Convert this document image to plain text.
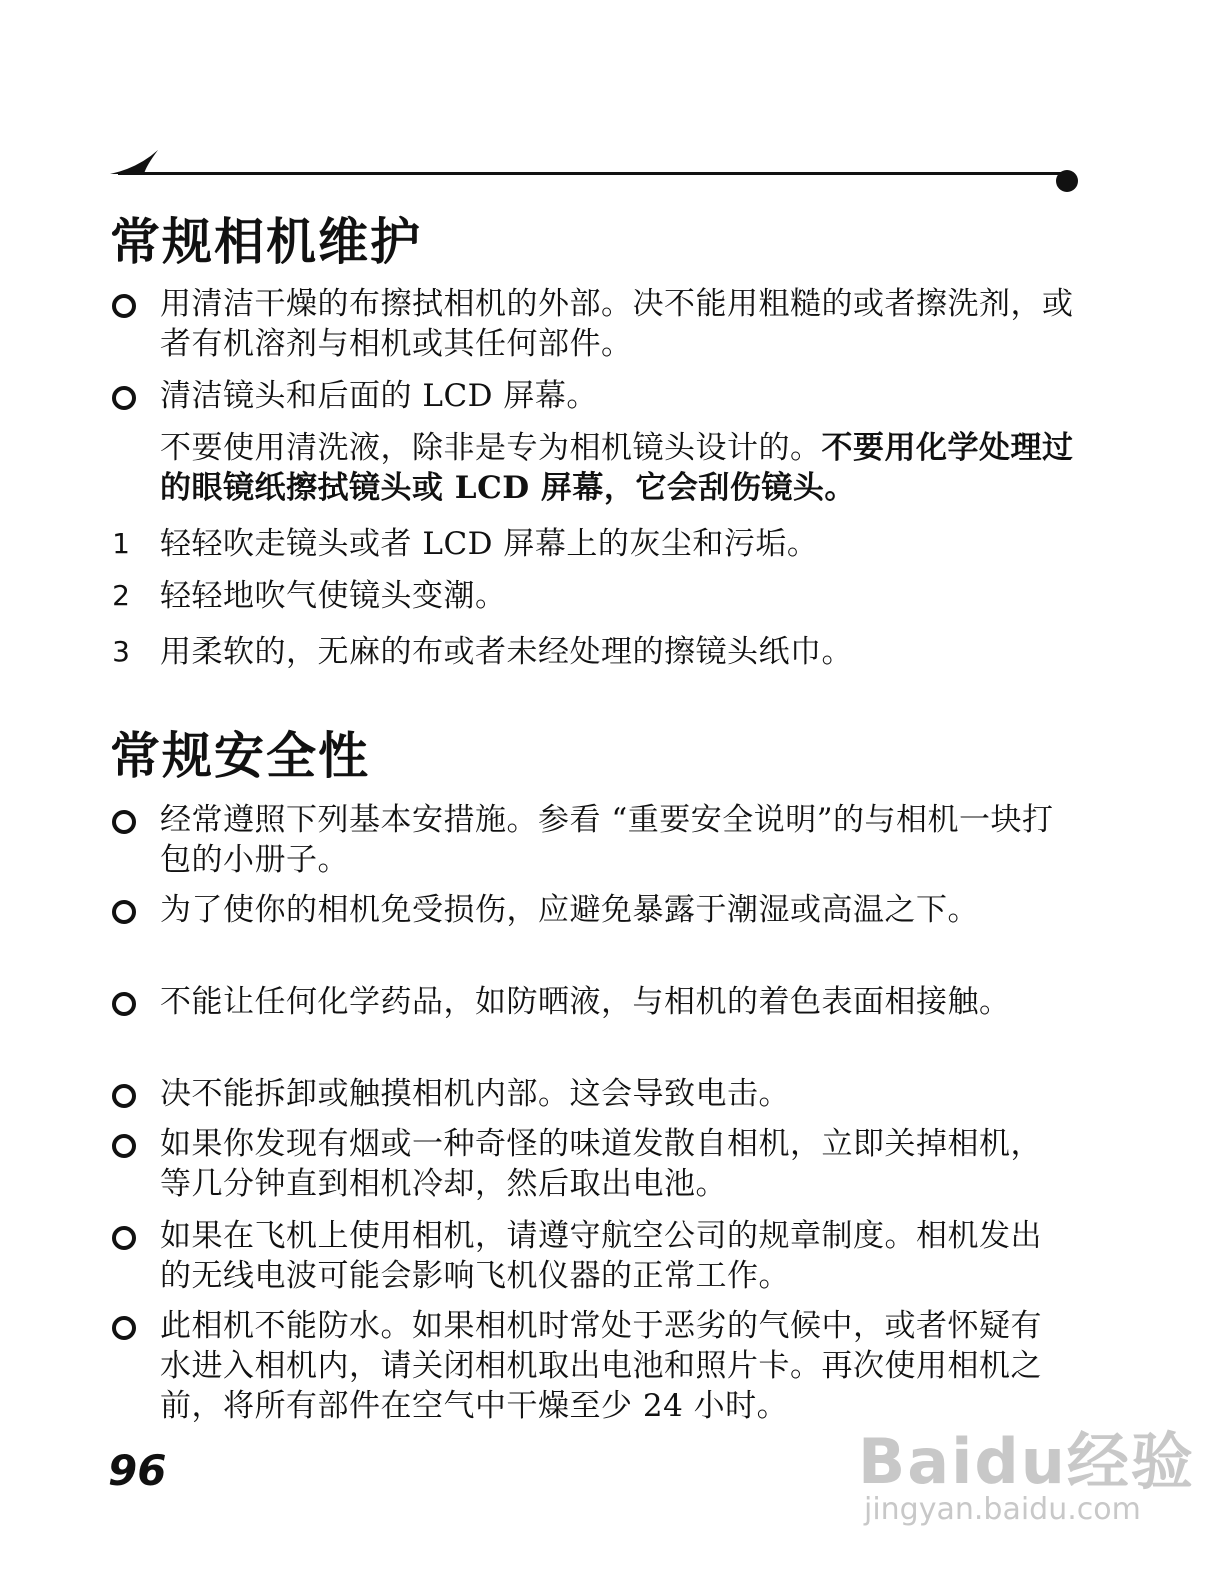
常规相机维护
用清洁干燥的布擦拭相机的外部。决不能用粗糙的或者擦洗剂，或者有机溶剂与相机或其任何部件。
清洁镜头和后面的 LCD 屏幕。
不要使用清洗液，除非是专为相机镜头设计的。不要用化学处理过的眼镜纸擦拭镜头或 LCD 屏幕，它会刮伤镜头。
1 轻轻吹走镜头或者 LCD 屏幕上的灰尘和污垢。
2 轻轻地吹气使镜头变潮。
3 用柔软的，无麻的布或者未经处理的擦镜头纸巾。
常规安全性
经常遵照下列基本安措施。参看 “重要安全说明”的与相机一块打包的小册子。
为了使你的相机免受损伤，应避免暴露于潮湿或高温之下。
不能让任何化学药品，如防晒液，与相机的着色表面相接触。
决不能拆卸或触摸相机内部。这会导致电击。
如果你发现有烟或一种奇怪的味道发散自相机，立即关掉相机，等几分钟直到相机冷却，然后取出电池。
如果在飞机上使用相机，请遵守航空公司的规章制度。相机发出的无线电波可能会影响飞机仪器的正常工作。
此相机不能防水。如果相机时常处于恶劣的气候中，或者怀疑有水进入相机内，请关闭相机取出电池和照片卡。再次使用相机之前，将所有部件在空气中干燥至少 24 小时。
96	Baidu经验
jingyan.baidu.com
